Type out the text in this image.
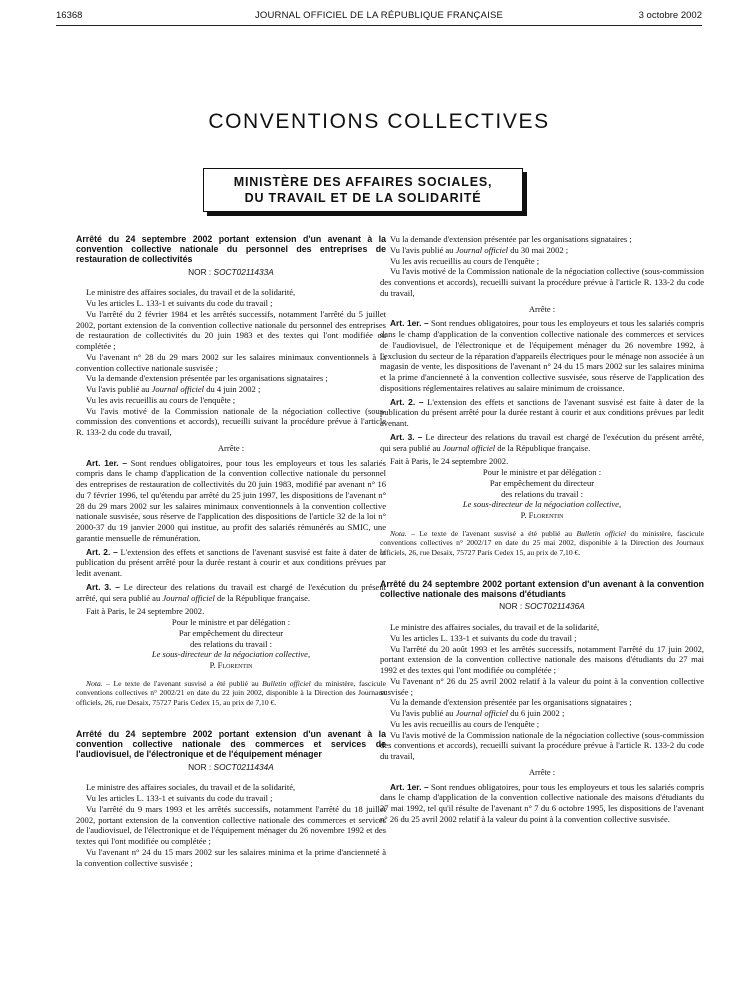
16368	JOURNAL OFFICIEL DE LA RÉPUBLIQUE FRANÇAISE	3 octobre 2002
CONVENTIONS COLLECTIVES
MINISTÈRE DES AFFAIRES SOCIALES,
DU TRAVAIL ET DE LA SOLIDARITÉ

Arrêté du 24 septembre 2002 portant extension d'un avenant à la convention collective nationale du personnel des entreprises de restauration de collectivités

NOR : SOCT0211433A

Le ministre des affaires sociales, du travail et de la solidarité,

Vu les articles L. 133-1 et suivants du code du travail ;

Vu l'arrêté du 2 février 1984 et les arrêtés successifs, notamment l'arrêté du 5 juillet 2002, portant extension de la convention collective nationale du personnel des entreprises de restauration de collectivités du 20 juin 1983 et des textes qui l'ont modifiée ou complétée ;

Vu l'avenant n° 28 du 29 mars 2002 sur les salaires minimaux conventionnels à la convention collective nationale susvisée ;

Vu la demande d'extension présentée par les organisations signataires ;

Vu l'avis publié au Journal officiel du 4 juin 2002 ;

Vu les avis recueillis au cours de l'enquête ;

Vu l'avis motivé de la Commission nationale de la négociation collective (sous-commission des conventions et accords), recueilli suivant la procédure prévue à l'article R. 133-2 du code du travail,

Arrête :

Art. 1er. – Sont rendues obligatoires, pour tous les employeurs et tous les salariés compris dans le champ d'application de la convention collective nationale du personnel des entreprises de restauration de collectivités du 20 juin 1983, modifié par avenant n° 16 du 7 février 1996, tel qu'étendu par arrêté du 25 juin 1997, les dispositions de l'avenant n° 28 du 29 mars 2002 sur les salaires minimaux conventionnels à la convention collective nationale susvisée, sous réserve de l'application des dispositions de l'article 32 de la loi n° 2000-37 du 19 janvier 2000 qui institue, au profit des salariés rémunérés au SMIC, une garantie mensuelle de rémunération.

Art. 2. – L'extension des effets et sanctions de l'avenant susvisé est faite à dater de la publication du présent arrêté pour la durée restant à courir et aux conditions prévues par ledit avenant.

Art. 3. – Le directeur des relations du travail est chargé de l'exécution du présent arrêté, qui sera publié au Journal officiel de la République française.

Fait à Paris, le 24 septembre 2002.

Pour le ministre et par délégation :

Par empêchement du directeur

des relations du travail :

Le sous-directeur de la négociation collective,

P. Florentin

Nota. – Le texte de l'avenant susvisé a été publié au Bulletin officiel du ministère, fascicule conventions collectives n° 2002/21 en date du 22 juin 2002, disponible à la Direction des Journaux officiels, 26, rue Desaix, 75727 Paris Cedex 15, au prix de 7,10 €.

Arrêté du 24 septembre 2002 portant extension d'un avenant à la convention collective nationale des commerces et services de l'audiovisuel, de l'électronique et de l'équipement ménager

NOR : SOCT0211434A

Le ministre des affaires sociales, du travail et de la solidarité,

Vu les articles L. 133-1 et suivants du code du travail ;

Vu l'arrêté du 9 mars 1993 et les arrêtés successifs, notamment l'arrêté du 18 juillet 2002, portant extension de la convention collective nationale des commerces et services de l'audiovisuel, de l'électronique et de l'équipement ménager du 26 novembre 1992 et des textes qui l'ont modifiée ou complétée ;

Vu l'avenant n° 24 du 15 mars 2002 sur les salaires minima et la prime d'ancienneté à la convention collective susvisée ;

Vu la demande d'extension présentée par les organisations signataires ;

Vu l'avis publié au Journal officiel du 30 mai 2002 ;

Vu les avis recueillis au cours de l'enquête ;

Vu l'avis motivé de la Commission nationale de la négociation collective (sous-commission des conventions et accords), recueilli suivant la procédure prévue à l'article R. 133-2 du code du travail,

Arrête :

Art. 1er. – Sont rendues obligatoires, pour tous les employeurs et tous les salariés compris dans le champ d'application de la convention collective nationale des commerces et services de l'audiovisuel, de l'électronique et de l'équipement ménager du 26 novembre 1992, à l'exclusion du secteur de la réparation d'appareils électriques pour le ménage non associée à un magasin de vente, les dispositions de l'avenant n° 24 du 15 mars 2002 sur les salaires minima et la prime d'ancienneté à la convention collective susvisée, sous réserve de l'application des dispositions réglementaires relatives au salaire minimum de croissance.

Art. 2. – L'extension des effets et sanctions de l'avenant susvisé est faite à dater de la publication du présent arrêté pour la durée restant à courir et aux conditions prévues par ledit avenant.

Art. 3. – Le directeur des relations du travail est chargé de l'exécution du présent arrêté, qui sera publié au Journal officiel de la République française.

Fait à Paris, le 24 septembre 2002.

Pour le ministre et par délégation :

Par empêchement du directeur

des relations du travail :

Le sous-directeur de la négociation collective,

P. Florentin

Nota. – Le texte de l'avenant susvisé a été publié au Bulletin officiel du ministère, fascicule conventions collectives n° 2002/17 en date du 25 mai 2002, disponible à la Direction des Journaux officiels, 26, rue Desaix, 75727 Paris Cedex 15, au prix de 7,10 €.

Arrêté du 24 septembre 2002 portant extension d'un avenant à la convention collective nationale des maisons d'étudiants

NOR : SOCT0211436A

Le ministre des affaires sociales, du travail et de la solidarité,

Vu les articles L. 133-1 et suivants du code du travail ;

Vu l'arrêté du 20 août 1993 et les arrêtés successifs, notamment l'arrêté du 17 juin 2002, portant extension de la convention collective nationale des maisons d'étudiants du 27 mai 1992 et des textes qui l'ont modifiée ou complétée ;

Vu l'avenant n° 26 du 25 avril 2002 relatif à la valeur du point à la convention collective susvisée ;

Vu la demande d'extension présentée par les organisations signataires ;

Vu l'avis publié au Journal officiel du 6 juin 2002 ;

Vu les avis recueillis au cours de l'enquête ;

Vu l'avis motivé de la Commission nationale de la négociation collective (sous-commission des conventions et accords), recueilli suivant la procédure prévue à l'article R. 133-2 du code du travail,

Arrête :

Art. 1er. – Sont rendues obligatoires, pour tous les employeurs et tous les salariés compris dans le champ d'application de la convention collective nationale des maisons d'étudiants du 27 mai 1992, tel qu'il résulte de l'avenant n° 7 du 6 octobre 1995, les dispositions de l'avenant n° 26 du 25 avril 2002 relatif à la valeur du point à la convention collective susvisée.
